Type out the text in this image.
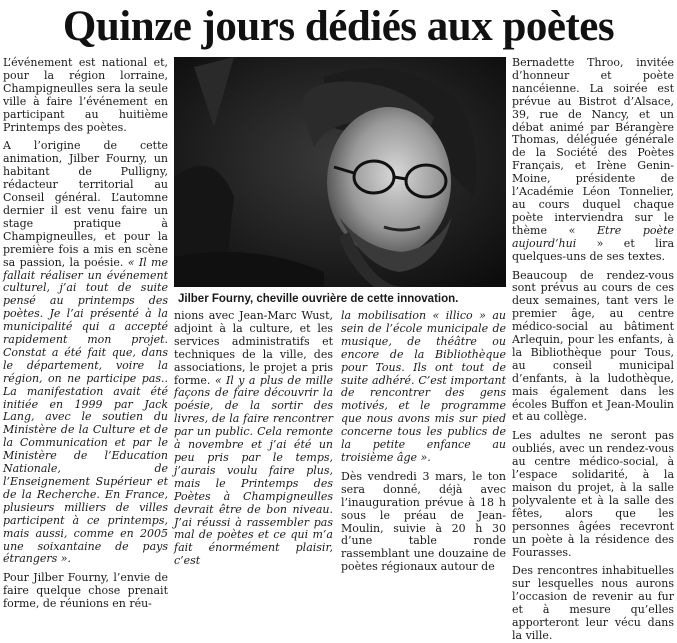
Quinze jours dédiés aux poètes

L’événement est national et, pour la région lorraine, Champigneulles sera la seule ville à faire l’événement en participant au huitième Printemps des poètes.

A l’origine de cette animation, Jilber Fourny, un habitant de Pulligny, rédacteur territorial au Conseil général. L’automne dernier il est venu faire un stage pratique à Champigneulles, et pour la première fois a mis en scène sa passion, la poésie. « Il me fallait réaliser un événement culturel, j’ai tout de suite pensé au printemps des poètes. Je l’ai présenté à la municipalité qui a accepté rapidement mon projet. Constat a été fait que, dans le département, voire la région, on ne participe pas.. La manifestation avait été initiée en 1999 par Jack Lang, avec le soutien du Ministère de la Culture et de la Communication et par le Ministère de l’Education Nationale, de l’Enseignement Supérieur et de la Recherche. En France, plusieurs milliers de villes participent à ce printemps, mais aussi, comme en 2005 une soixantaine de pays étrangers ».

Pour Jilber Fourny, l’envie de faire quelque chose prenait forme, de réunions en réu-

Jilber Fourny, cheville ouvrière de cette innovation.

nions avec Jean-Marc Wust, adjoint à la culture, et les services administratifs et techniques de la ville, des associations, le projet a pris forme. « Il y a plus de mille façons de faire découvrir la poésie, de la sortir des livres, de la faire rencontrer par un public. Cela remonte à novembre et j’ai été un peu pris par le temps, j’aurais voulu faire plus, mais le Printemps des Poètes à Champigneulles devrait être de bon niveau. J’ai réussi à rassembler pas mal de poètes et ce qui m’a fait énormément plaisir, c’est

la mobilisation « illico » au sein de l’école municipale de musique, de théâtre ou encore de la Bibliothèque pour Tous. Ils ont tout de suite adhéré. C’est important de rencontrer des gens motivés, et le programme que nous avons mis sur pied concerne tous les publics de la petite enfance au troisième âge ».

Dès vendredi 3 mars, le ton sera donné, déjà avec l’inauguration prévue à 18 h sous le préau de Jean-Moulin, suivie à 20 h 30 d’une table ronde rassemblant une douzaine de poètes régionaux autour de

Bernadette Throo, invitée d’honneur et poète nancéienne. La soirée est prévue au Bistrot d’Alsace, 39, rue de Nancy, et un débat animé par Bérangère Thomas, déléguée générale de la Société des Poètes Français, et Irène Genin-Moine, présidente de l’Académie Léon Tonnelier, au cours duquel chaque poète interviendra sur le thème « Etre poète aujourd’hui » et lira quelques-uns de ses textes.

Beaucoup de rendez-vous sont prévus au cours de ces deux semaines, tant vers le premier âge, au centre médico-social au bâtiment Arlequin, pour les enfants, à la Bibliothèque pour Tous, au conseil municipal d’enfants, à la ludothèque, mais également dans les écoles Buffon et Jean-Moulin et au collège.

Les adultes ne seront pas oubliés, avec un rendez-vous au centre médico-social, à l’espace solidarité, à la maison du projet, à la salle polyvalente et à la salle des fêtes, alors que les personnes âgées recevront un poète à la résidence des Fourasses.

Des rencontres inhabituelles sur lesquelles nous aurons l’occasion de revenir au fur et à mesure qu’elles apporteront leur vécu dans la ville.
